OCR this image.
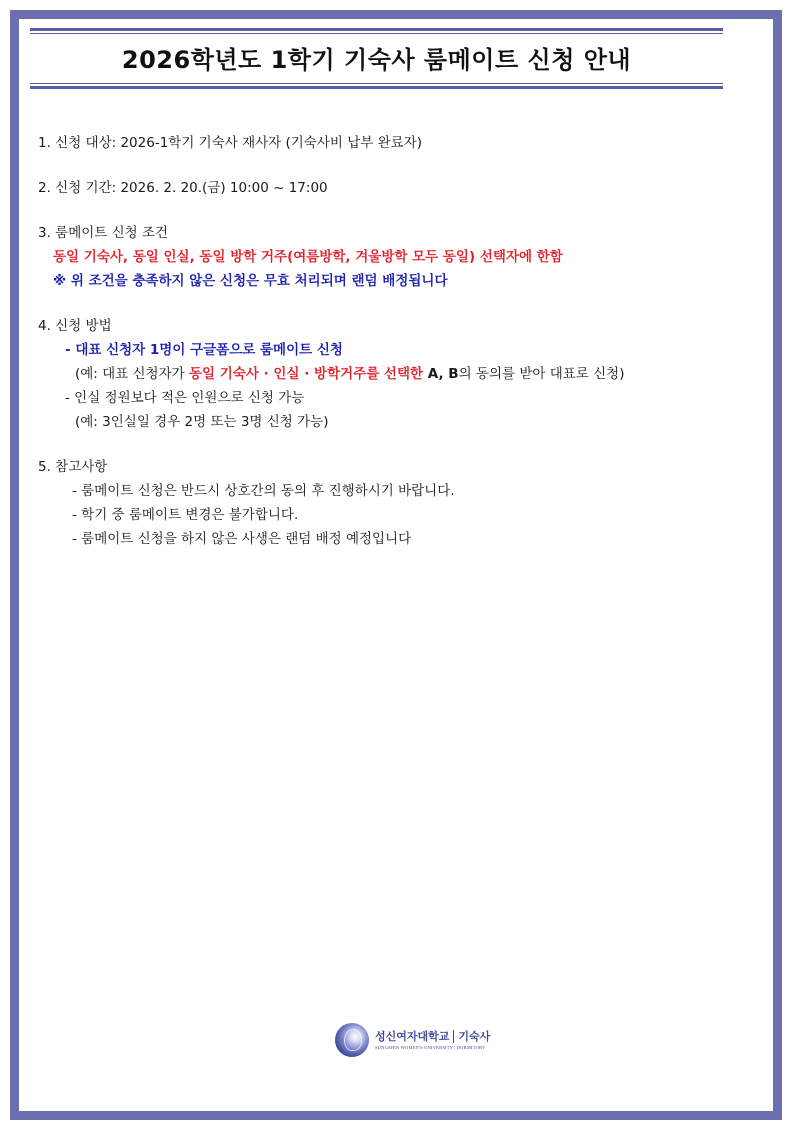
2026학년도 1학기 기숙사 룸메이트 신청 안내
1. 신청 대상: 2026-1학기 기숙사 재사자 (기숙사비 납부 완료자)
2. 신청 기간: 2026. 2. 20.(금) 10:00 ~ 17:00
3. 룸메이트 신청 조건
동일 기숙사, 동일 인실, 동일 방학 거주(여름방학, 겨울방학 모두 동일) 선택자에 한함
※ 위 조건을 충족하지 않은 신청은 무효 처리되며 랜덤 배정됩니다
4. 신청 방법
- 대표 신청자 1명이 구글폼으로 룸메이트 신청
(예: 대표 신청자가 동일 기숙사 · 인실 · 방학거주를 선택한 A, B의 동의를 받아 대표로 신청)
- 인실 정원보다 적은 인원으로 신청 가능
(예: 3인실일 경우 2명 또는 3명 신청 가능)
5. 참고사항
- 룸메이트 신청은 반드시 상호간의 동의 후 진행하시기 바랍니다.
- 학기 중 룸메이트 변경은 불가합니다.
- 룸메이트 신청을 하지 않은 사생은 랜덤 배정 예정입니다
성신여자대학교 기숙사
SUNGSHIN WOMEN'S UNIVERSITY | DORMITORY
